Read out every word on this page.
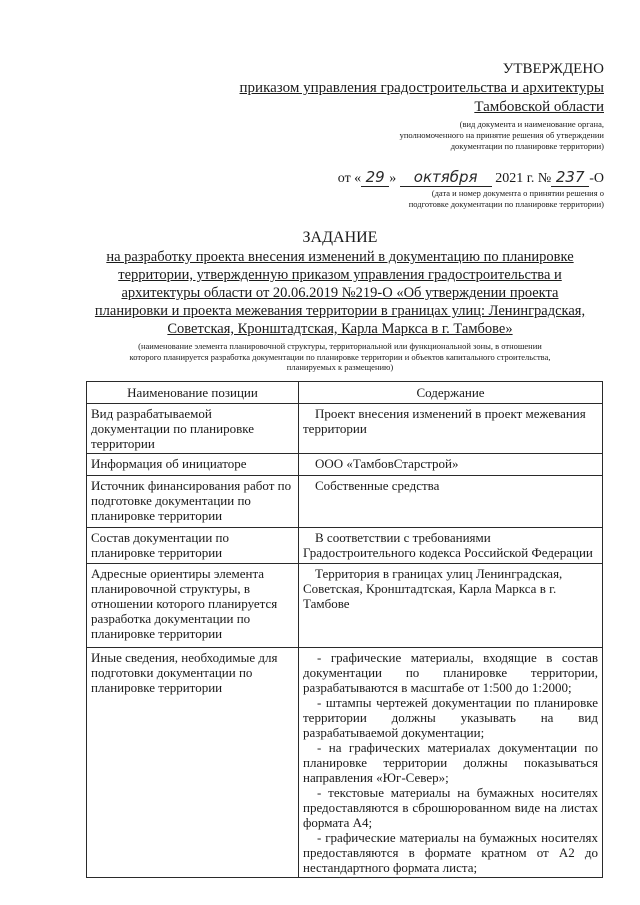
УТВЕРЖДЕНО
приказом управления градостроительства и архитектуры
Тамбовской области
(вид документа и наименование органа,
уполномоченного на принятие решения об утверждении
документации по планировке территории)
от « 29 » октября 2021 г. № 237 -О
(дата и номер документа о принятии решения о
подготовке документации по планировке территории)
ЗАДАНИЕ
на разработку проекта внесения изменений в документацию по планировке
территории, утвержденную приказом управления градостроительства и
архитектуры области от 20.06.2019 №219-О «Об утверждении проекта
планировки и проекта межевания территории в границах улиц: Ленинградская,
Советская, Кронштадтская, Карла Маркса в г. Тамбове»
(наименование элемента планировочной структуры, территориальной или функциональной зоны, в отношении
которого планируется разработка документации по планировке территории и объектов капитального строительства,
планируемых к размещению)
Наименование позиции	Содержание
Вид разрабатываемой документации по планировке территории	Проект внесения изменений в проект межевания территории
Информация об инициаторе	ООО «ТамбовСтарстрой»
Источник финансирования работ по подготовке документации по планировке территории	Собственные средства
Состав документации по планировке территории	В соответствии с требованиями Градостроительного кодекса Российской Федерации
Адресные ориентиры элемента планировочной структуры, в отношении которого планируется разработка документации по планировке территории	Территория в границах улиц Ленинградская, Советская, Кронштадтская, Карла Маркса в г. Тамбове
Иные сведения, необходимые для подготовки документации по планировке территории	- графические материалы, входящие в состав документации по планировке территории, разрабатываются в масштабе от 1:500 до 1:2000;
- штампы чертежей документации по планировке территории должны указывать на вид разрабатываемой документации;
- на графических материалах документации по планировке территории должны показываться направления «Юг-Север»;
- текстовые материалы на бумажных носителях предоставляются в сброшюрованном виде на листах формата А4;
- графические материалы на бумажных носителях предоставляются в формате кратном от А2 до нестандартного формата листа;
